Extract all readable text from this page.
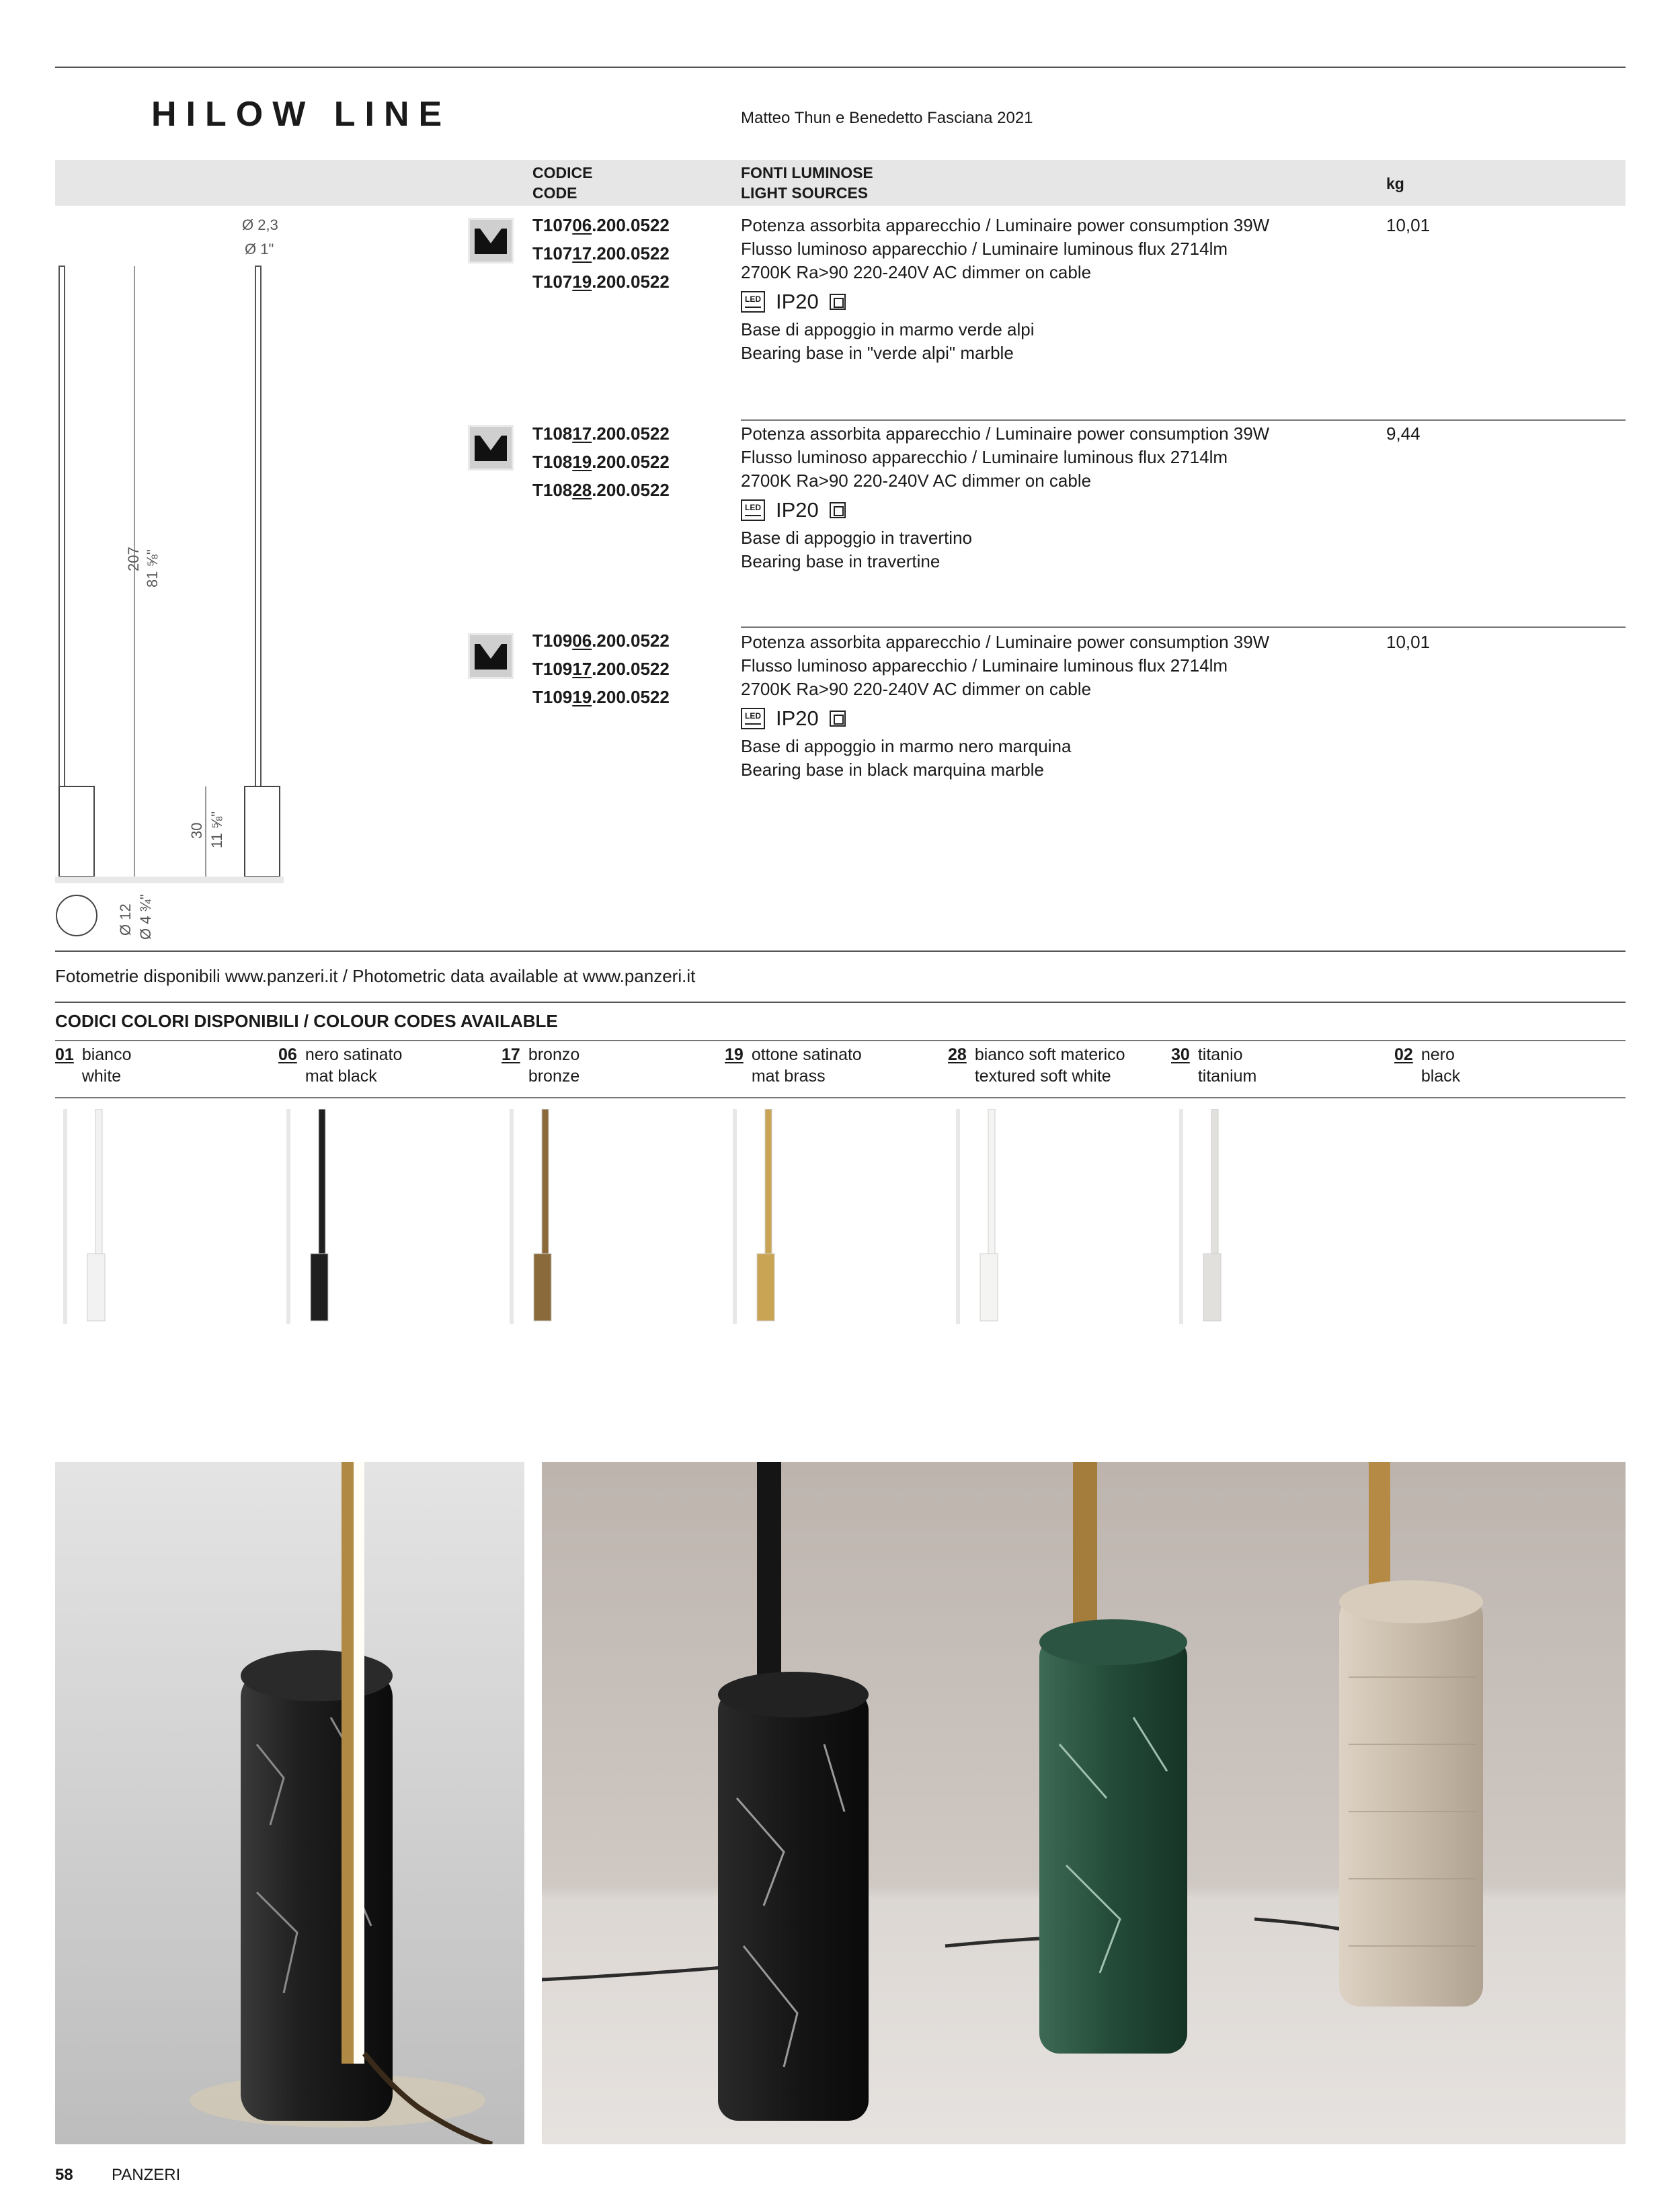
HILOW LINE	Matteo Thun e Benedetto Fasciana 2021
CODICE
CODE
FONTI LUMINOSE
LIGHT SOURCES
kg
Ø 2,3
Ø 1"
207 81 ⅝"
30 11 ⅝"
Ø 12 Ø 4 ¾"
T10706.200.0522
T10717.200.0522
T10719.200.0522
Potenza assorbita apparecchio / Luminaire power consumption 39W
Flusso luminoso apparecchio / Luminaire luminous flux 2714lm
2700K Ra>90 220-240V AC dimmer on cable
LED IP20
Base di appoggio in marmo verde alpi
Bearing base in "verde alpi" marble
10,01
T10817.200.0522
T10819.200.0522
T10828.200.0522
Potenza assorbita apparecchio / Luminaire power consumption 39W
Flusso luminoso apparecchio / Luminaire luminous flux 2714lm
2700K Ra>90 220-240V AC dimmer on cable
LED IP20
Base di appoggio in travertino
Bearing base in travertine
9,44
T10906.200.0522
T10917.200.0522
T10919.200.0522
Potenza assorbita apparecchio / Luminaire power consumption 39W
Flusso luminoso apparecchio / Luminaire luminous flux 2714lm
2700K Ra>90 220-240V AC dimmer on cable
LED IP20
Base di appoggio in marmo nero marquina
Bearing base in black marquina marble
10,01
Fotometrie disponibili www.panzeri.it / Photometric data available at www.panzeri.it
CODICI COLORI DISPONIBILI / COLOUR CODES AVAILABLE
01 bianco
white
06 nero satinato
mat black
17 bronzo
bronze
19 ottone satinato
mat brass
28 bianco soft materico
textured soft white
30 titanio
titanium
02 nero
black
58 PANZERI
